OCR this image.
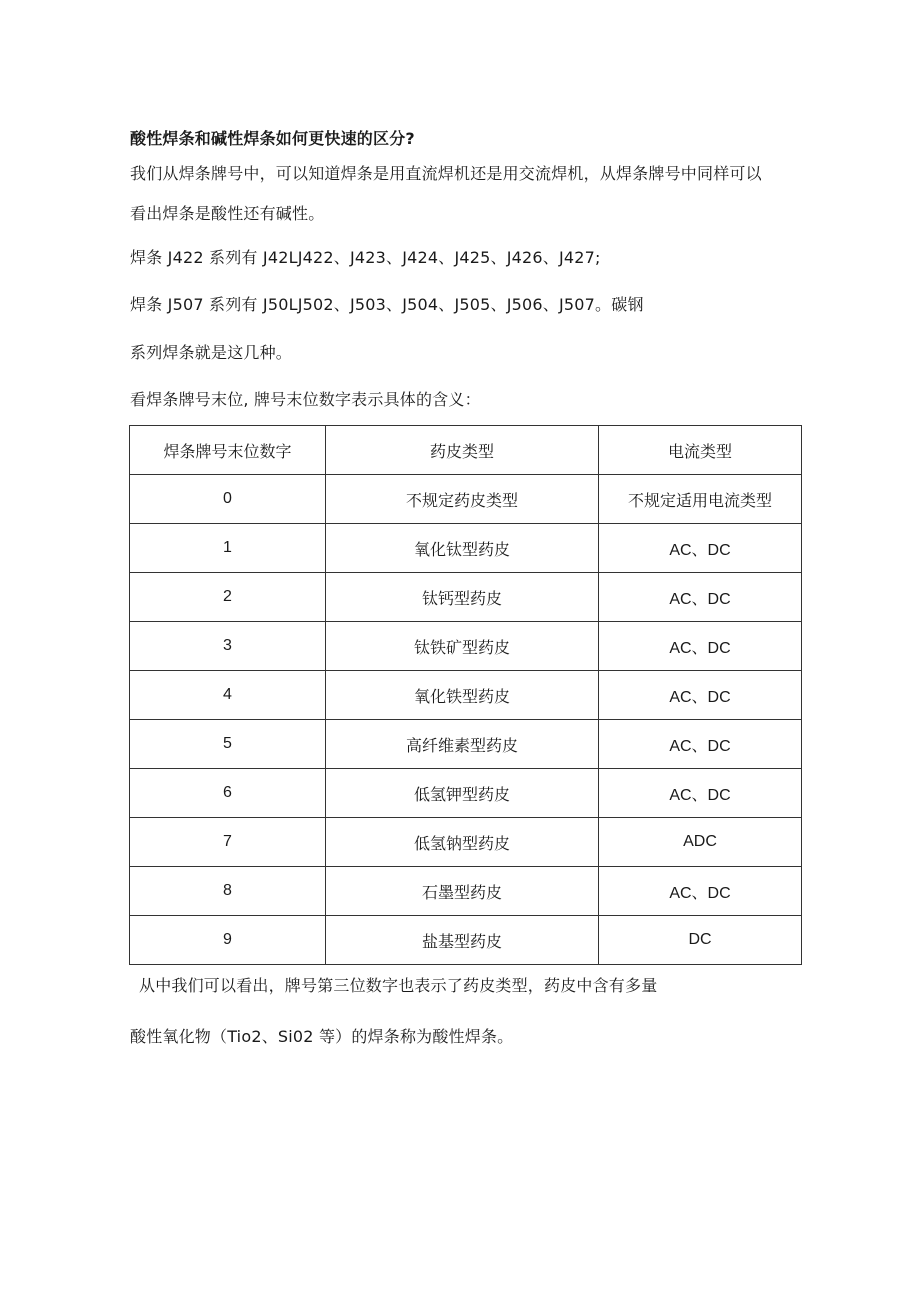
酸性焊条和碱性焊条如何更快速的区分?
我们从焊条牌号中，可以知道焊条是用直流焊机还是用交流焊机，从焊条牌号中同样可以
看出焊条是酸性还有碱性。
焊条 J422 系列有 J42LJ422、J423、J424、J425、J426、J427;
焊条 J507 系列有 J50LJ502、J503、J504、J505、J506、J507。碳钢
系列焊条就是这几种。
看焊条牌号末位, 牌号末位数字表示具体的含义：
焊条牌号末位数字	药皮类型	电流类型
0	不规定药皮类型	不规定适用电流类型
1	氧化钛型药皮	AC、DC
2	钛钙型药皮	AC、DC
3	钛铁矿型药皮	AC、DC
4	氧化铁型药皮	AC、DC
5	高纤维素型药皮	AC、DC
6	低氢钾型药皮	AC、DC
7	低氢钠型药皮	ADC
8	石墨型药皮	AC、DC
9	盐基型药皮	DC
从中我们可以看出，牌号第三位数字也表示了药皮类型，药皮中含有多量
酸性氧化物（Tio2、Si02 等）的焊条称为酸性焊条。
